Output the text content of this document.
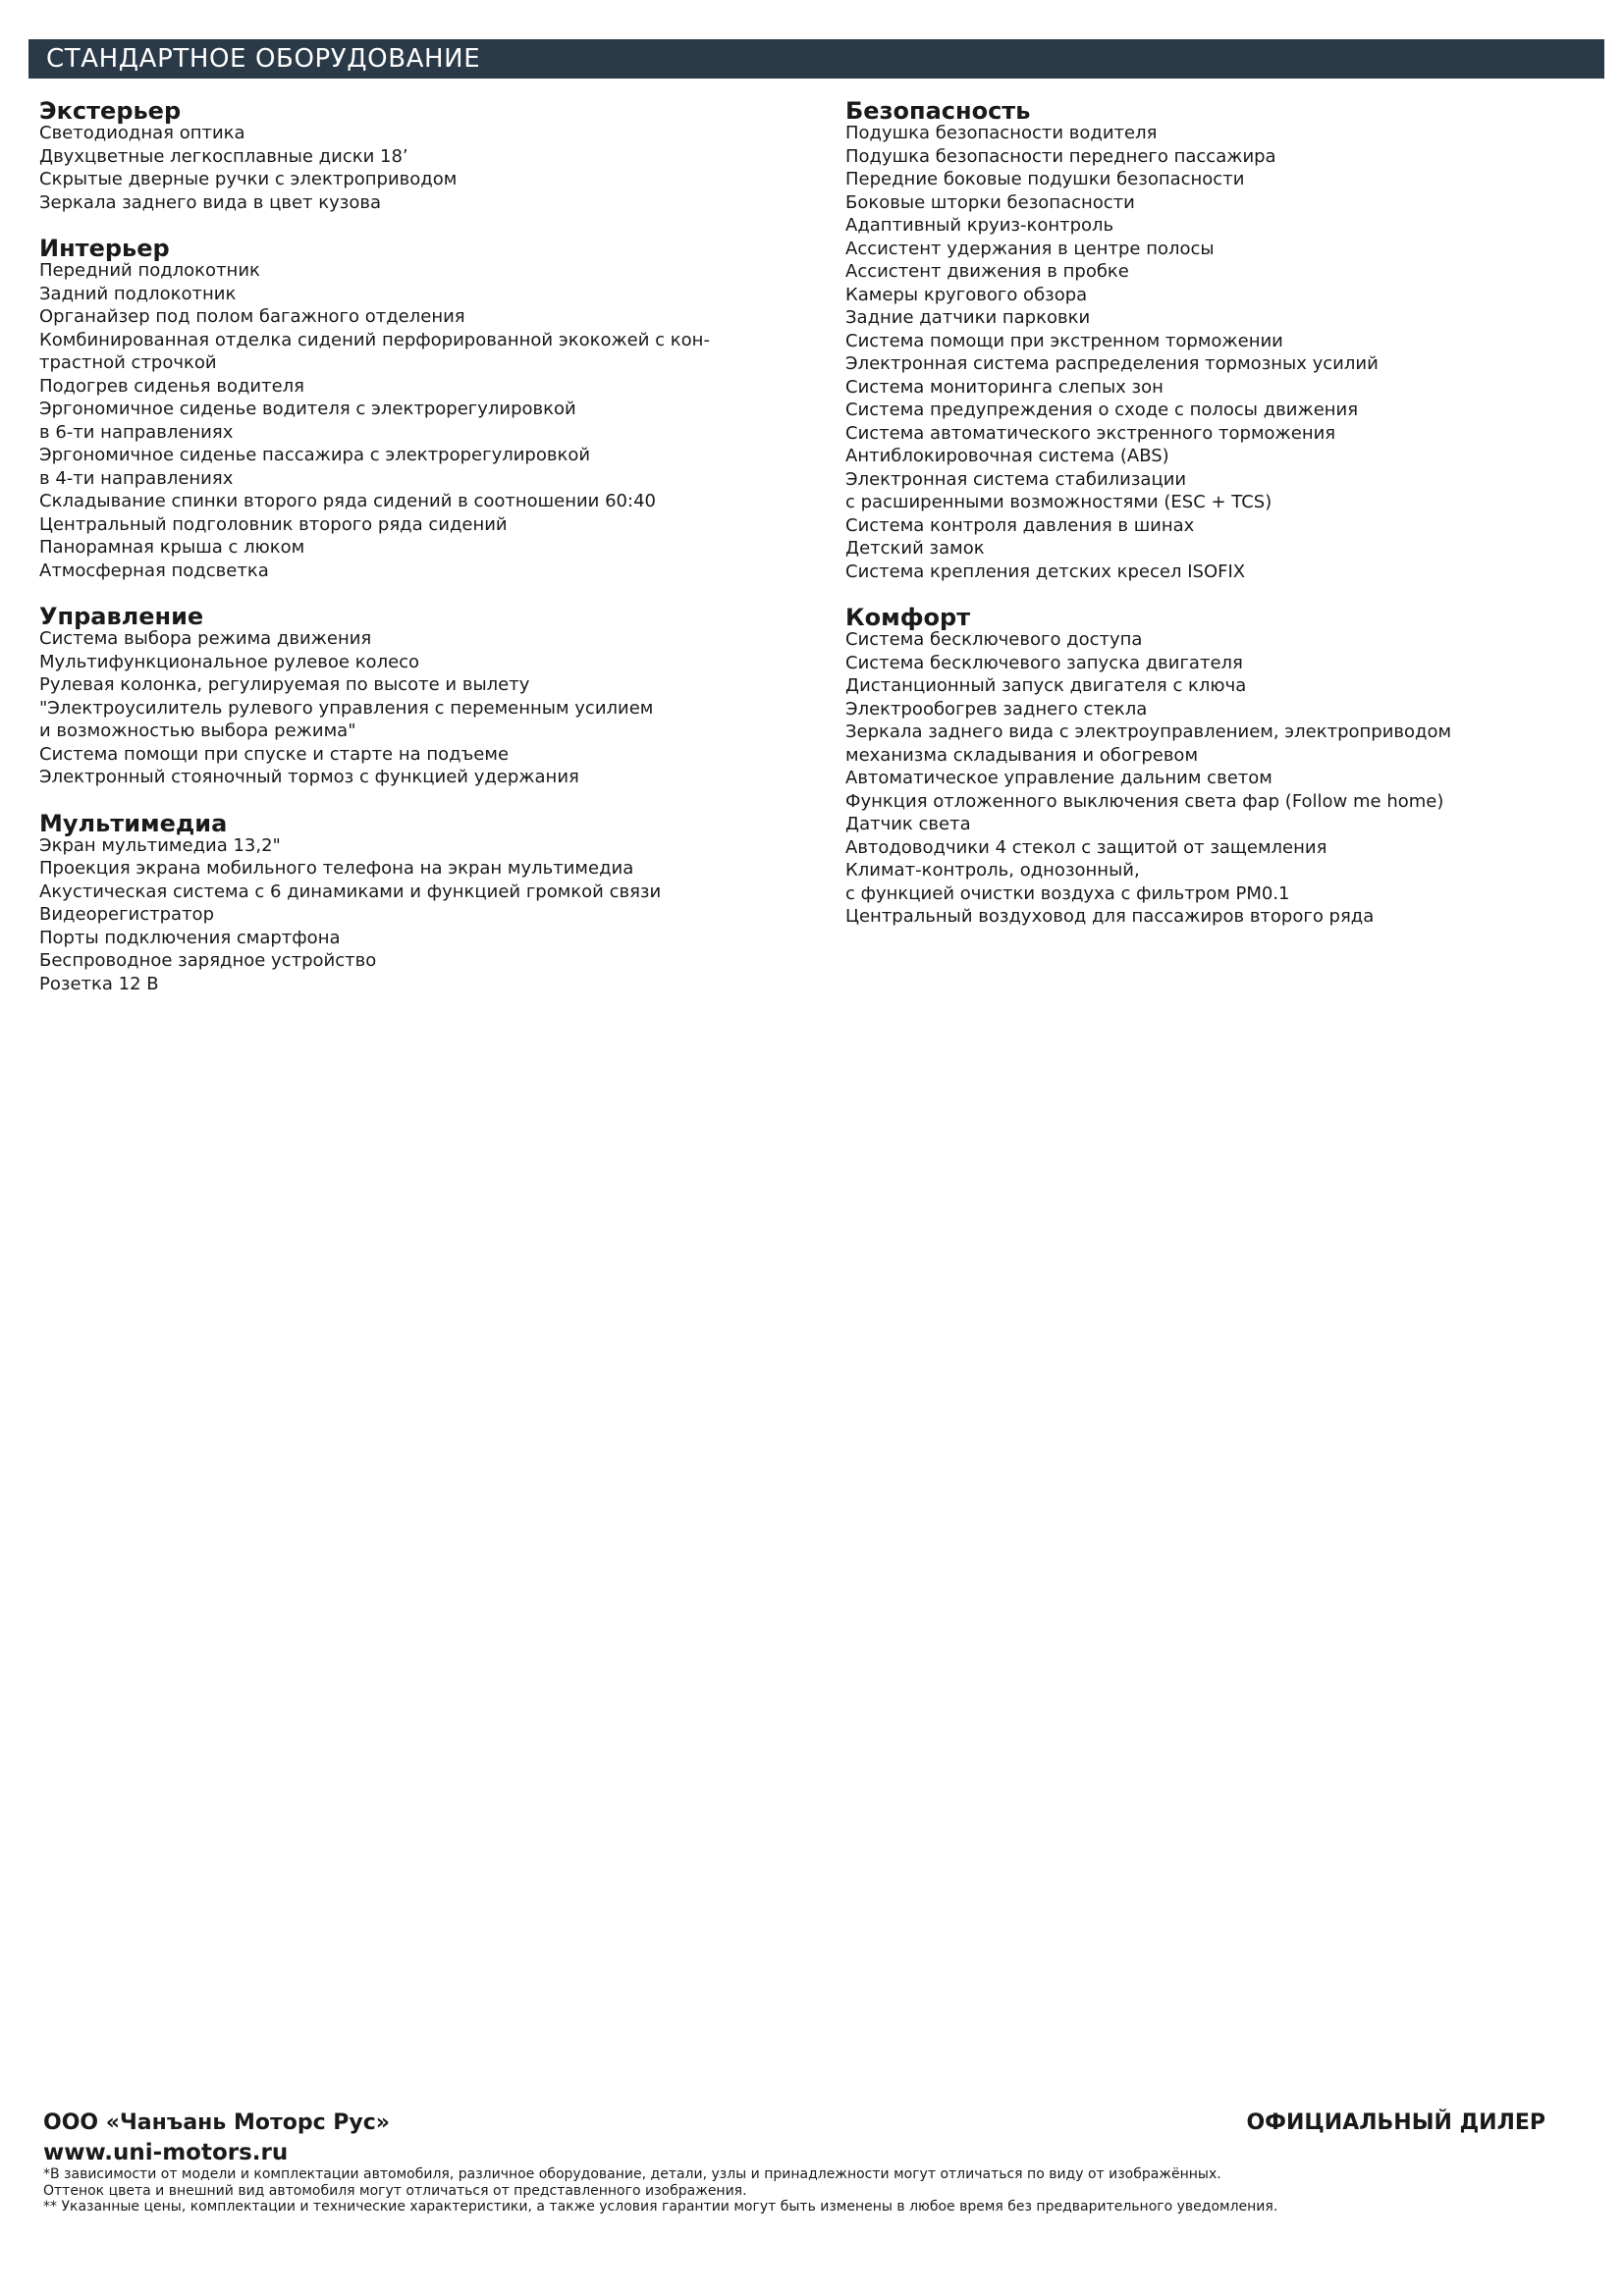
СТАНДАРТНОЕ ОБОРУДОВАНИЕ
Экстерьер
Светодиодная оптика
Двухцветные легкосплавные диски 18’
Скрытые дверные ручки с электроприводом
Зеркала заднего вида в цвет кузова
Интерьер
Передний подлокотник
Задний подлокотник
Органайзер под полом багажного отделения
Комбинированная отделка сидений перфорированной экокожей с кон-
трастной строчкой
Подогрев сиденья водителя
Эргономичное сиденье водителя с электрорегулировкой
в 6-ти направлениях
Эргономичное сиденье пассажира с электрорегулировкой
в 4-ти направлениях
Складывание спинки второго ряда сидений в соотношении 60:40
Центральный подголовник второго ряда сидений
Панорамная крыша с люком
Атмосферная подсветка
Управление
Система выбора режима движения
Мультифункциональное рулевое колесо
Рулевая колонка, регулируемая по высоте и вылету
"Электроусилитель рулевого управления с переменным усилием
и возможностью выбора режима"
Система помощи при спуске и старте на подъеме
Электронный стояночный тормоз с функцией удержания
Мультимедиа
Экран мультимедиа 13,2"
Проекция экрана мобильного телефона на экран мультимедиа
Акустическая система с 6 динамиками и функцией громкой связи
Видеорегистратор
Порты подключения смартфона
Беспроводное зарядное устройство
Розетка 12 В
Безопасность
Подушка безопасности водителя
Подушка безопасности переднего пассажира
Передние боковые подушки безопасности
Боковые шторки безопасности
Адаптивный круиз-контроль
Ассистент удержания в центре полосы
Ассистент движения в пробке
Камеры кругового обзора
Задние датчики парковки
Система помощи при экстренном торможении
Электронная система распределения тормозных усилий
Система мониторинга слепых зон
Система предупреждения о сходе с полосы движения
Система автоматического экстренного торможения
Антиблокировочная система (ABS)
Электронная система стабилизации
с расширенными возможностями (ESC + TCS)
Система контроля давления в шинах
Детский замок
Система крепления детских кресел ISOFIX
Комфорт
Система бесключевого доступа
Система бесключевого запуска двигателя
Дистанционный запуск двигателя с ключа
Электрообогрев заднего стекла
Зеркала заднего вида с электроуправлением, электроприводом
механизма складывания и обогревом
Автоматическое управление дальним светом
Функция отложенного выключения света фар (Follow me home)
Датчик света
Автодоводчики 4 стекол с защитой от защемления
Климат-контроль, однозонный,
с функцией очистки воздуха с фильтром PM0.1
Центральный воздуховод для пассажиров второго ряда
ООО «Чанъань Моторс Рус»
www.uni-motors.ru
ОФИЦИАЛЬНЫЙ ДИЛЕР
*В зависимости от модели и комплектации автомобиля, различное оборудование, детали, узлы и принадлежности могут отличаться по виду от изображённых.
Оттенок цвета и внешний вид автомобиля могут отличаться от представленного изображения.
** Указанные цены, комплектации и технические характеристики, а также условия гарантии могут быть изменены в любое время без предварительного уведомления.
